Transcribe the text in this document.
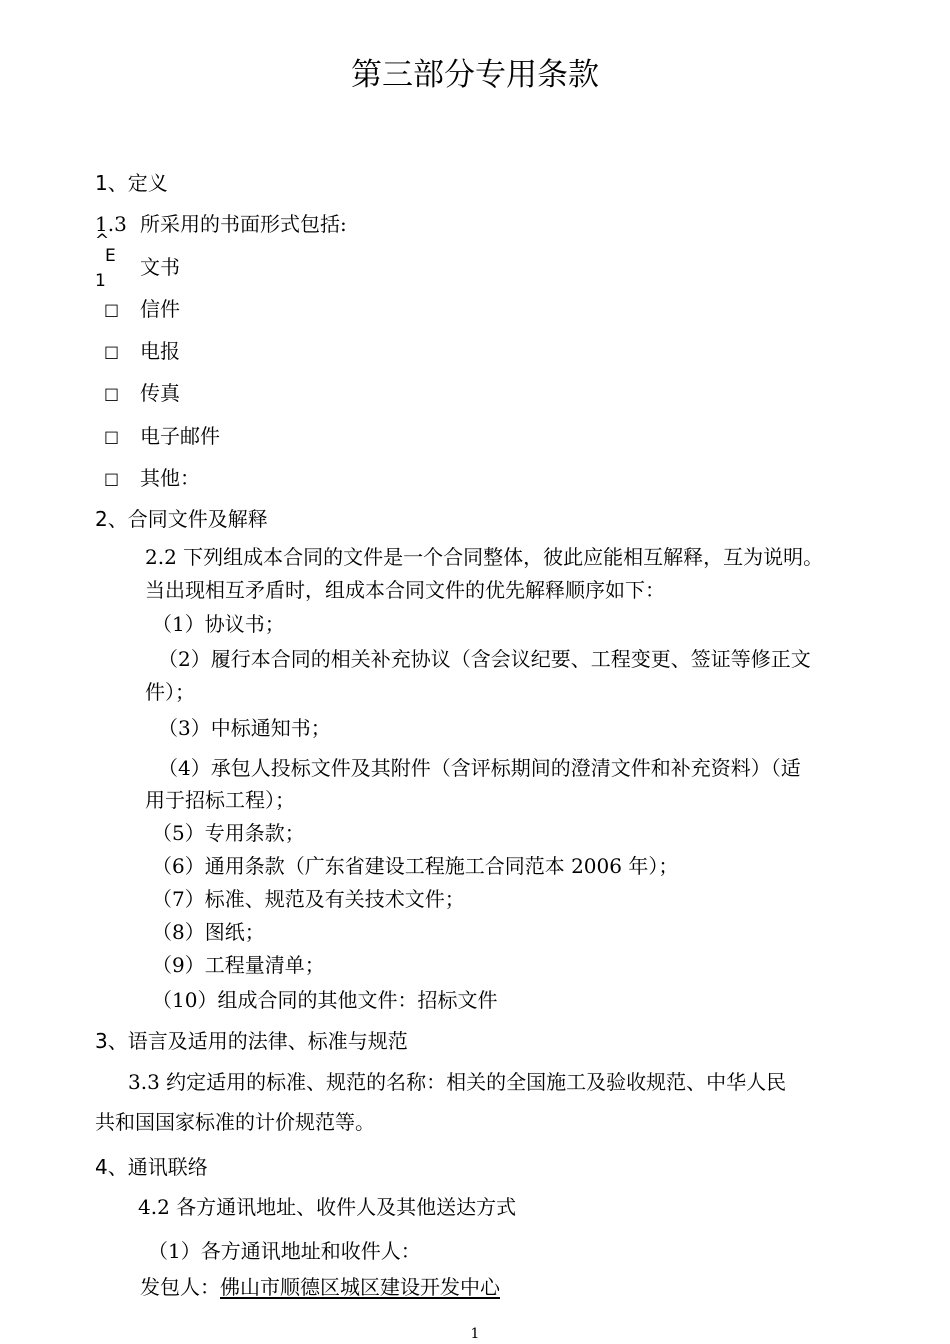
第三部分专用条款
1、定义
1.3 所采用的书面形式包括:
^
E
1
文书
□ 信件
□ 电报
□ 传真
□ 电子邮件
□ 其他：
2、合同文件及解释
2.2 下列组成本合同的文件是一个合同整体，彼此应能相互解释，互为说明。
当出现相互矛盾时，组成本合同文件的优先解释顺序如下：
（1）协议书；
（2）履行本合同的相关补充协议（含会议纪要、工程变更、签证等修正文
件）；
（3）中标通知书；
（4）承包人投标文件及其附件（含评标期间的澄清文件和补充资料）（适
用于招标工程）；
（5）专用条款；
（6）通用条款（广东省建设工程施工合同范本 2006 年）；
（7）标准、规范及有关技术文件；
（8）图纸；
（9）工程量清单；
（10）组成合同的其他文件：招标文件
3、语言及适用的法律、标准与规范
3.3 约定适用的标准、规范的名称：相关的全国施工及验收规范、中华人民
共和国国家标准的计价规范等。
4、通讯联络
4.2 各方通讯地址、收件人及其他送达方式
（1）各方通讯地址和收件人：
发包人：佛山市顺德区城区建设开发中心
1
